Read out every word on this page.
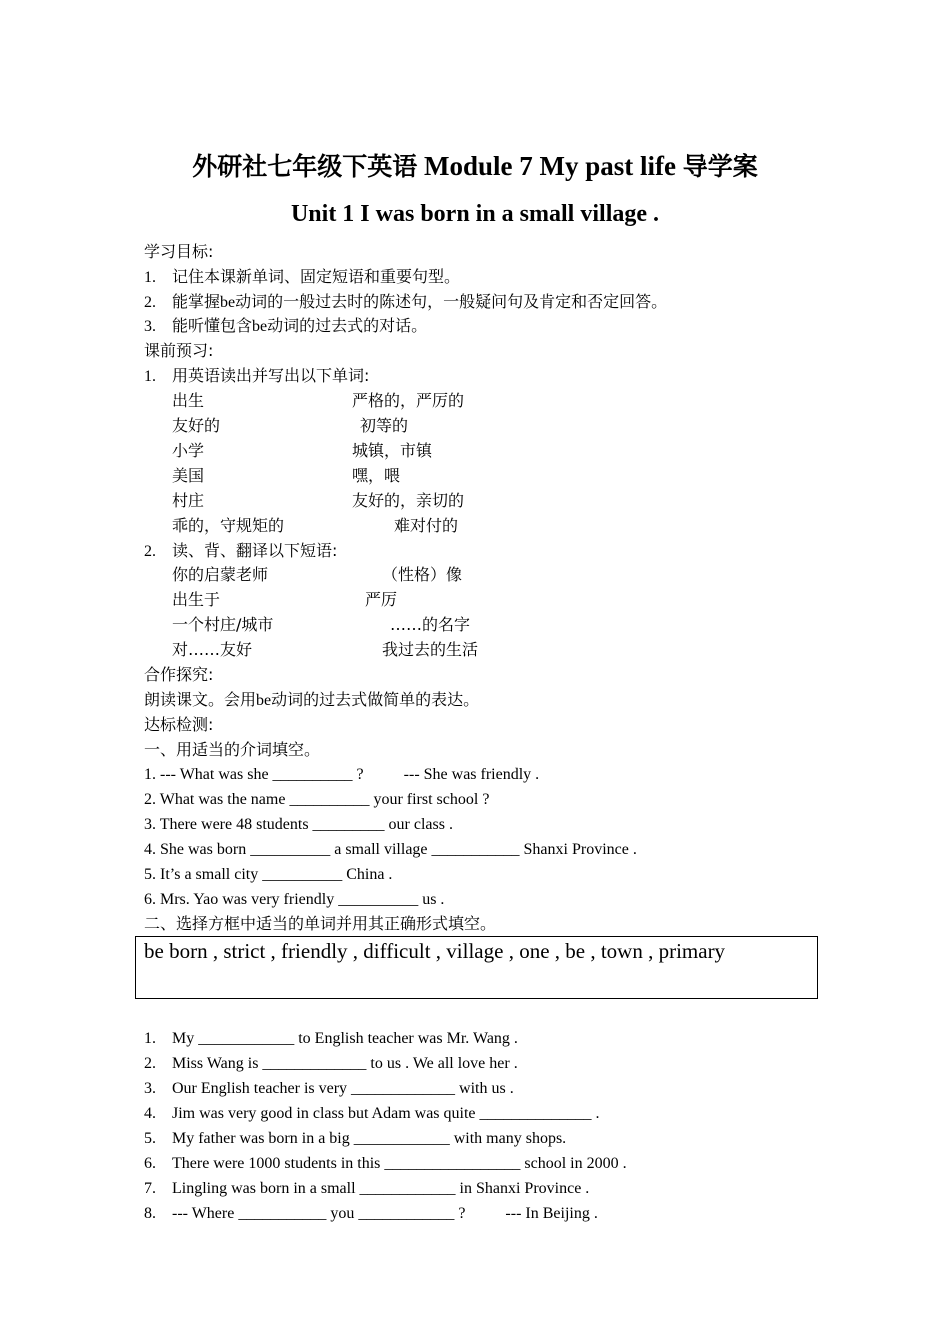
外研社七年级下英语 Module 7 My past life 导学案
Unit 1 I was born in a small village .
学习目标:
1. 记住本课新单词、固定短语和重要句型。
2. 能掌握be动词的一般过去时的陈述句，一般疑问句及肯定和否定回答。
3. 能听懂包含be动词的过去式的对话。
课前预习:
1. 用英语读出并写出以下单词:
出生	严格的，严厉的
友好的	初等的
小学	城镇，市镇
美国	嘿，喂
村庄	友好的，亲切的
乖的，守规矩的	难对付的
2. 读、背、翻译以下短语:
你的启蒙老师	（性格）像
出生于	严厉
一个村庄/城市	……的名字
对……友好	我过去的生活
合作探究:
朗读课文。会用be动词的过去式做简单的表达。
达标检测:
一、用适当的介词填空。
1. --- What was she __________ ?          --- She was friendly .
2. What was the name __________ your first school ?
3. There were 48 students _________ our class .
4. She was born __________ a small village ___________ Shanxi Province .
5. It’s a small city __________ China .
6. Mrs. Yao was very friendly __________ us .
二、选择方框中适当的单词并用其正确形式填空。
be born , strict , friendly , difficult , village , one , be , town , primary
1. My ____________ to English teacher was Mr. Wang .
2. Miss Wang is _____________ to us . We all love her .
3. Our English teacher is very _____________ with us .
4. Jim was very good in class but Adam was quite ______________ .
5. My father was born in a big ____________ with many shops.
6. There were 1000 students in this _________________ school in 2000 .
7. Lingling was born in a small ____________ in Shanxi Province .
8. --- Where ___________ you ____________ ?          --- In Beijing .
